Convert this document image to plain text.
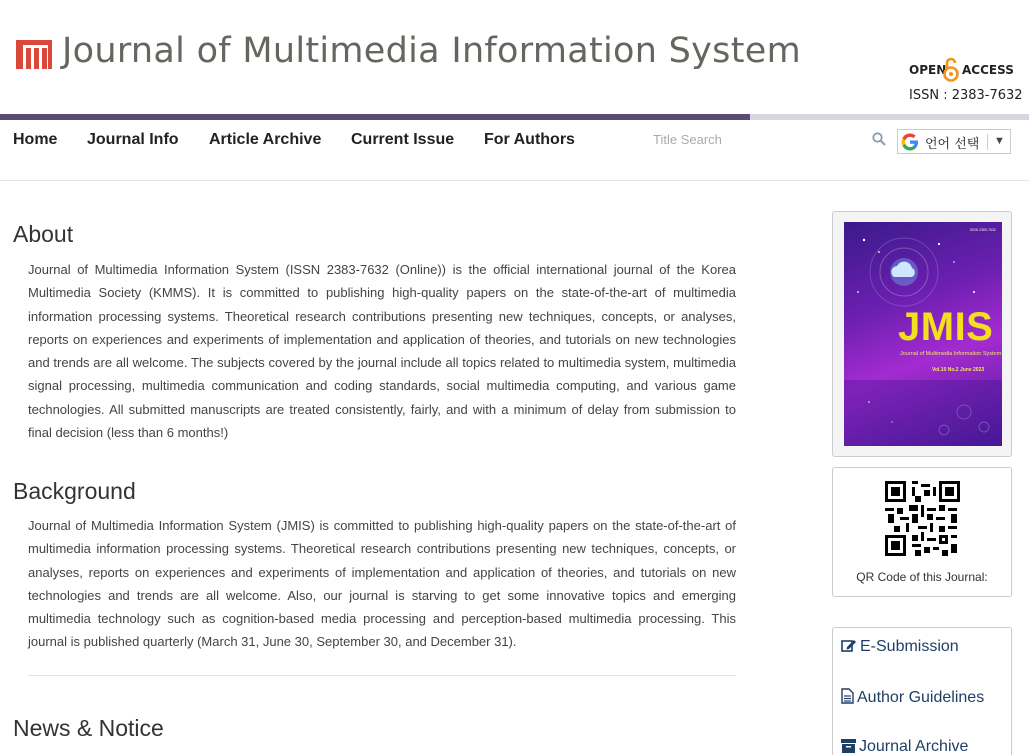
Journal of Multimedia Information System	OPEN ACCESS
ISSN : 2383-7632
Home Journal Info Article Archive Current Issue For Authors
Title Search	언어 선택 ▼
About

Journal of Multimedia Information System (ISSN 2383-7632 (Online)) is the official international journal of the Korea Multimedia Society (KMMS). It is committed to publishing high-quality papers on the state-of-the-art of multimedia information processing systems. Theoretical research contributions presenting new techniques, concepts, or analyses, reports on experiences and experiments of implementation and application of theories, and tutorials on new technologies and trends are all welcome. The subjects covered by the journal include all topics related to multimedia system, multimedia signal processing, multimedia communication and coding standards, social multimedia computing, and various game technologies. All submitted manuscripts are treated consistently, fairly, and with a minimum of delay from submission to final decision (less than 6 months!)

Background

Journal of Multimedia Information System (JMIS) is committed to publishing high-quality papers on the state-of-the-art of multimedia information processing systems. Theoretical research contributions presenting new techniques, concepts, or analyses, reports on experiences and experiments of implementation and application of theories, and tutorials on new technologies and trends are all welcome. Also, our journal is starving to get some innovative topics and emerging multimedia technology such as cognition-based media processing and perception-based multimedia processing. This journal is published quarterly (March 31, June 30, September 30, and December 31).

News & Notice
ISSN 2383-7632
JMIS
Journal of Multimedia Information System
Vol.10 No.2 June 2023
QR Code of this Journal:
E-Submission
Author Guidelines
Journal Archive
